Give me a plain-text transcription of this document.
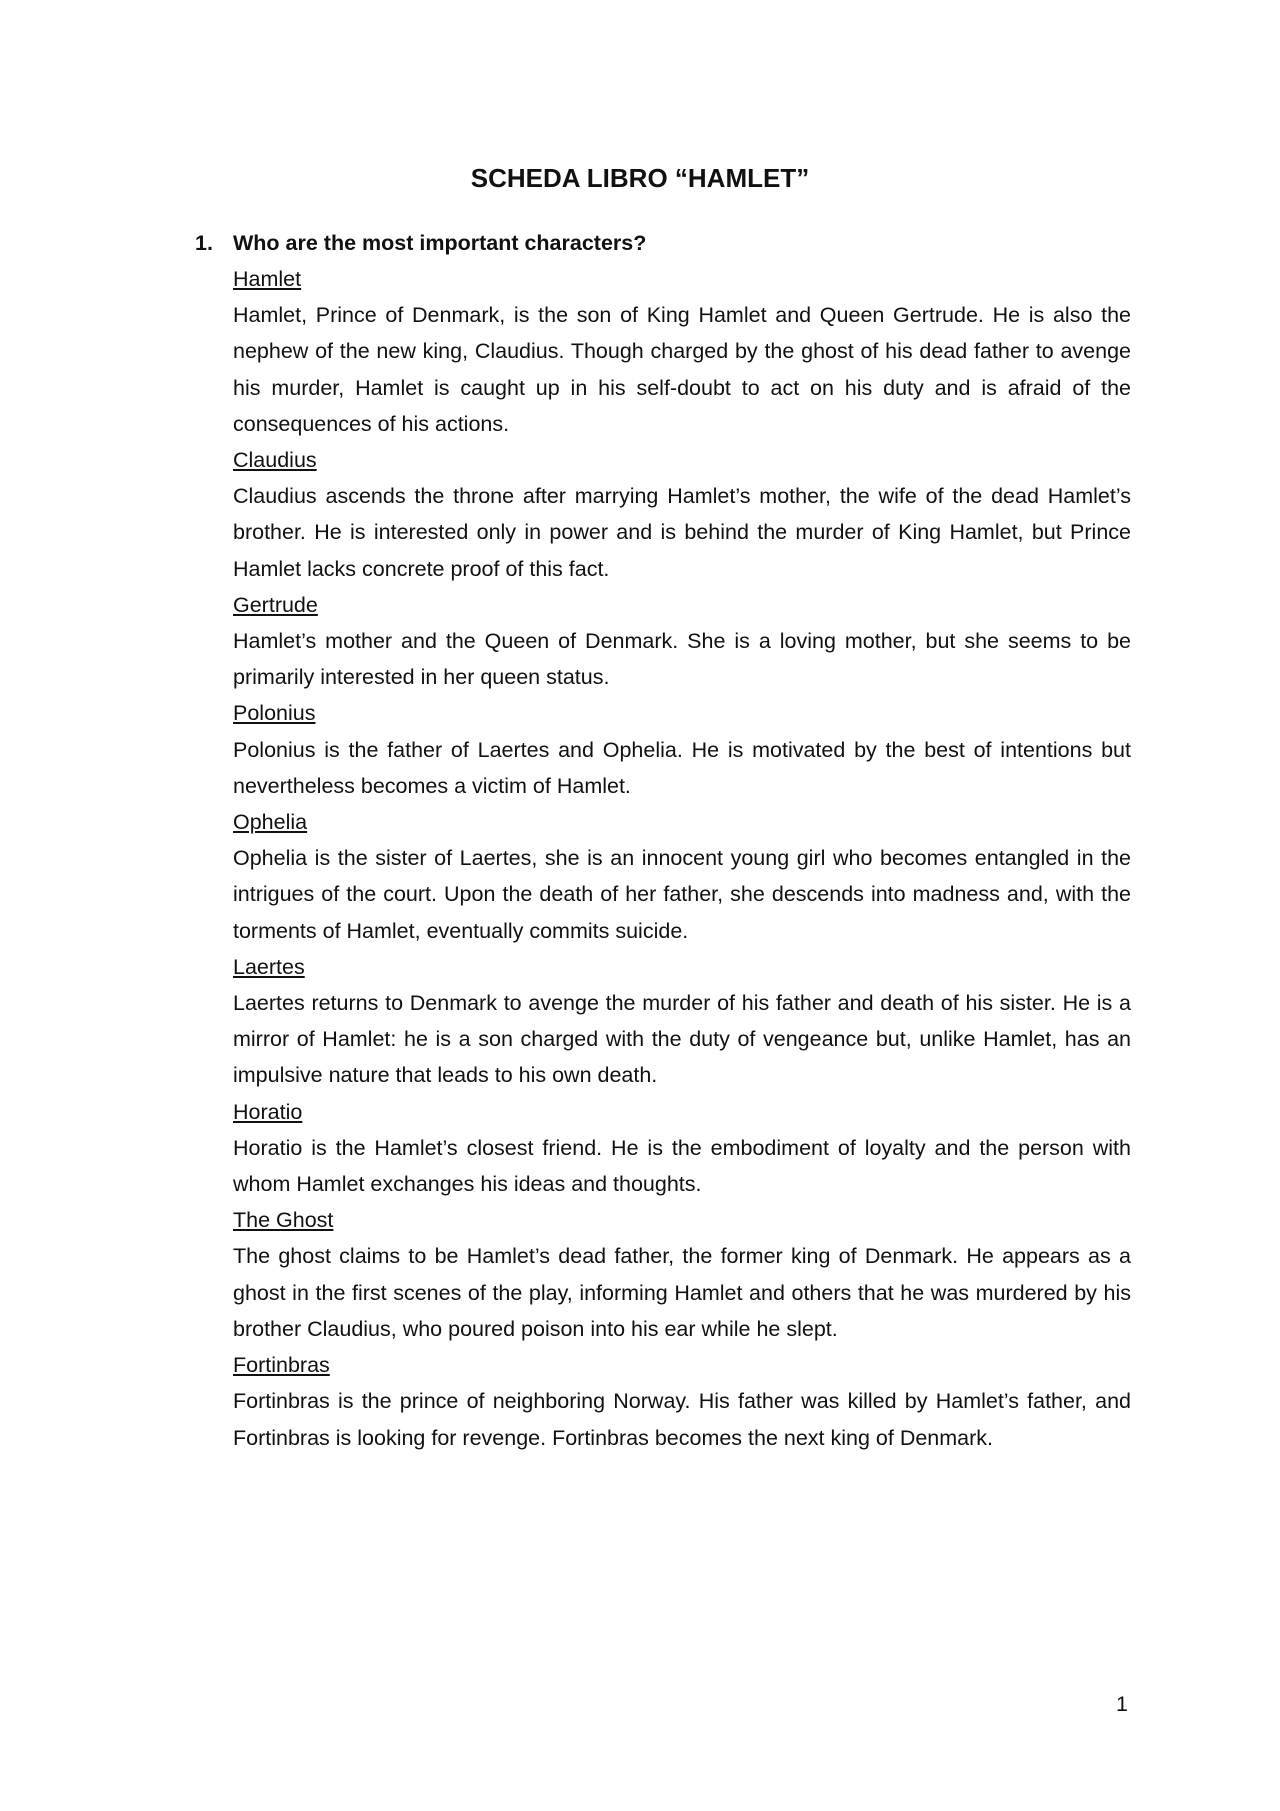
SCHEDA LIBRO “HAMLET”
1. Who are the most important characters?
Hamlet
Hamlet, Prince of Denmark, is the son of King Hamlet and Queen Gertrude. He is also the nephew of the new king, Claudius. Though charged by the ghost of his dead father to avenge his murder, Hamlet is caught up in his self-doubt to act on his duty and is afraid of the consequences of his actions.
Claudius
Claudius ascends the throne after marrying Hamlet’s mother, the wife of the dead Hamlet’s brother. He is interested only in power and is behind the murder of King Hamlet, but Prince Hamlet lacks concrete proof of this fact.
Gertrude
Hamlet’s mother and the Queen of Denmark. She is a loving mother, but she seems to be primarily interested in her queen status.
Polonius
Polonius is the father of Laertes and Ophelia. He is motivated by the best of intentions but nevertheless becomes a victim of Hamlet.
Ophelia
Ophelia is the sister of Laertes, she is an innocent young girl who becomes entangled in the intrigues of the court. Upon the death of her father, she descends into madness and, with the torments of Hamlet, eventually commits suicide.
Laertes
Laertes returns to Denmark to avenge the murder of his father and death of his sister. He is a mirror of Hamlet: he is a son charged with the duty of vengeance but, unlike Hamlet, has an impulsive nature that leads to his own death.
Horatio
Horatio is the Hamlet’s closest friend. He is the embodiment of loyalty and the person with whom Hamlet exchanges his ideas and thoughts.
The Ghost
The ghost claims to be Hamlet’s dead father, the former king of Denmark. He appears as a ghost in the first scenes of the play, informing Hamlet and others that he was murdered by his brother Claudius, who poured poison into his ear while he slept.
Fortinbras
Fortinbras is the prince of neighboring Norway. His father was killed by Hamlet’s father, and Fortinbras is looking for revenge. Fortinbras becomes the next king of Denmark.
1
